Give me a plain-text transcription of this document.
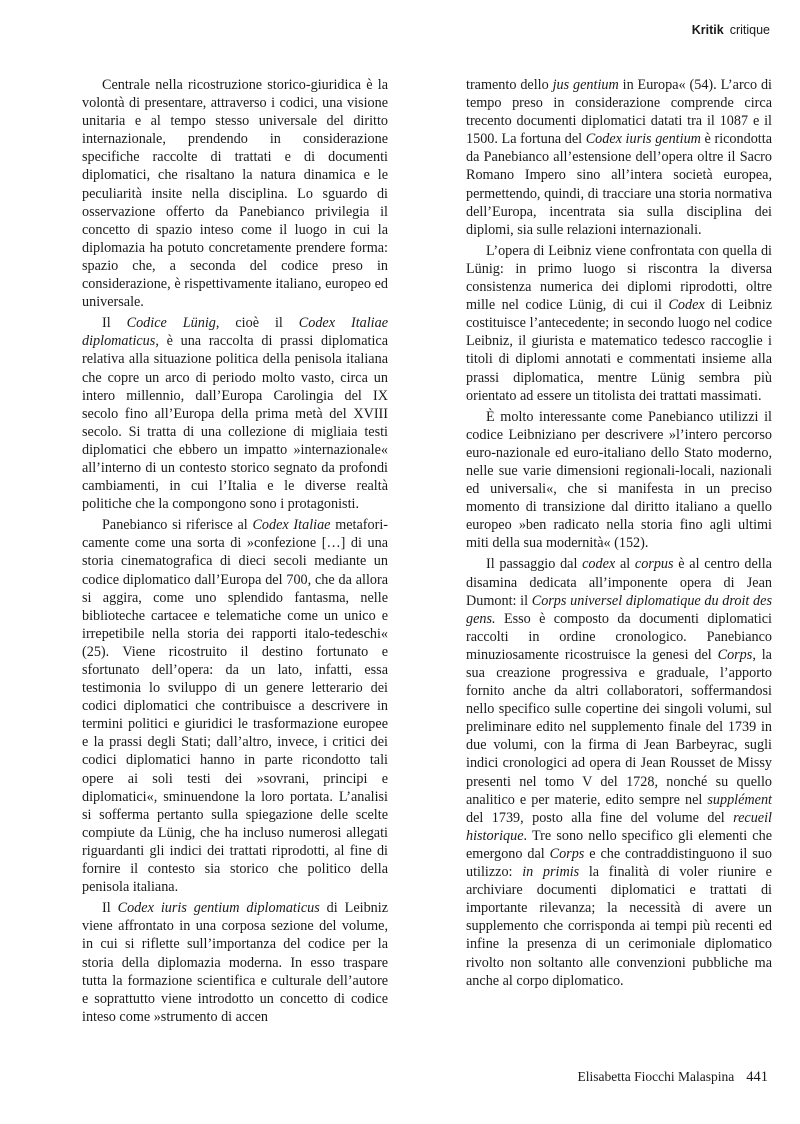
Kritik critique

Centrale nella ricostruzione storico-giuridica è la volontà di presentare, attraverso i codici, una visione unitaria e al tempo stesso universale del diritto internazionale, prendendo in considerazione specifiche raccolte di trattati e di documenti diplomatici, che risaltano la natura dinamica e le peculiarità insite nella disciplina. Lo sguardo di osservazione offerto da Panebianco privilegia il concetto di spazio inteso come il luogo in cui la diplomazia ha potuto concretamente prendere forma: spazio che, a seconda del codice preso in considerazione, è rispettivamente italiano, europeo ed universale.

Il Codice Lünig, cioè il Codex Italiae diplomaticus, è una raccolta di prassi diplomatica relativa alla situazione politica della penisola italiana che copre un arco di periodo molto vasto, circa un intero millennio, dall’Europa Carolingia del IX secolo fino all’Europa della prima metà del XVIII secolo. Si tratta di una collezione di migliaia testi diplomatici che ebbero un impatto »internazionale« all’interno di un contesto storico segnato da profondi cambiamenti, in cui l’Italia e le diverse realtà politiche che la compongono sono i protagonisti.

Panebianco si riferisce al Codex Italiae metaforicamente come una sorta di »confezione […] di una storia cinematografica di dieci secoli mediante un codice diplomatico dall’Europa del 700, che da allora si aggira, come uno splendido fantasma, nelle biblioteche cartacee e telematiche come un unico e irrepetibile nella storia dei rapporti italo-tedeschi« (25). Viene ricostruito il destino fortunato e sfortunato dell’opera: da un lato, infatti, essa testimonia lo sviluppo di un genere letterario dei codici diplomatici che contribuisce a descrivere in termini politici e giuridici le trasformazione europee e la prassi degli Stati; dall’altro, invece, i critici dei codici diplomatici hanno in parte ricondotto tali opere ai soli testi dei »sovrani, principi e diplomatici«, sminuendone la loro portata. L’analisi si sofferma pertanto sulla spiegazione delle scelte compiute da Lünig, che ha incluso numerosi allegati riguardanti gli indici dei trattati riprodotti, al fine di fornire il contesto sia storico che politico della penisola italiana.

Il Codex iuris gentium diplomaticus di Leibniz viene affrontato in una corposa sezione del volume, in cui si riflette sull’importanza del codice per la storia della diplomazia moderna. In esso traspare tutta la formazione scientifica e culturale dell’autore e soprattutto viene introdotto un concetto di codice inteso come »strumento di accen

tramento dello jus gentium in Europa« (54). L’arco di tempo preso in considerazione comprende circa trecento documenti diplomatici datati tra il 1087 e il 1500. La fortuna del Codex iuris gentium è ricondotta da Panebianco all’estensione dell’opera oltre il Sacro Romano Impero sino all’intera società europea, permettendo, quindi, di tracciare una storia normativa dell’Europa, incentrata sia sulla disciplina dei diplomi, sia sulle relazioni internazionali.

L’opera di Leibniz viene confrontata con quella di Lünig: in primo luogo si riscontra la diversa consistenza numerica dei diplomi riprodotti, oltre mille nel codice Lünig, di cui il Codex di Leibniz costituisce l’antecedente; in secondo luogo nel codice Leibniz, il giurista e matematico tedesco raccoglie i titoli di diplomi annotati e commentati insieme alla prassi diplomatica, mentre Lünig sembra più orientato ad essere un titolista dei trattati massimati.

È molto interessante come Panebianco utilizzi il codice Leibniziano per descrivere »l’intero percorso euro-nazionale ed euro-italiano dello Stato moderno, nelle sue varie dimensioni regionali-locali, nazionali ed universali«, che si manifesta in un preciso momento di transizione dal diritto italiano a quello europeo »ben radicato nella storia fino agli ultimi miti della sua modernità« (152).

Il passaggio dal codex al corpus è al centro della disamina dedicata all’imponente opera di Jean Dumont: il Corps universel diplomatique du droit des gens. Esso è composto da documenti diplomatici raccolti in ordine cronologico. Panebianco minuziosamente ricostruisce la genesi del Corps, la sua creazione progressiva e graduale, l’apporto fornito anche da altri collaboratori, soffermandosi nello specifico sulle copertine dei singoli volumi, sul preliminare edito nel supplemento finale del 1739 in due volumi, con la firma di Jean Barbeyrac, sugli indici cronologici ad opera di Jean Rousset de Missy presenti nel tomo V del 1728, nonché su quello analitico e per materie, edito sempre nel supplément del 1739, posto alla fine del volume del recueil historique. Tre sono nello specifico gli elementi che emergono dal Corps e che contraddistinguono il suo utilizzo: in primis la finalità di voler riunire e archiviare documenti diplomatici e trattati di importante rilevanza; la necessità di avere un supplemento che corrisponda ai tempi più recenti ed infine la presenza di un cerimoniale diplomatico rivolto non soltanto alle convenzioni pubbliche ma anche al corpo diplomatico.

Elisabetta Fiocchi Malaspina 441
